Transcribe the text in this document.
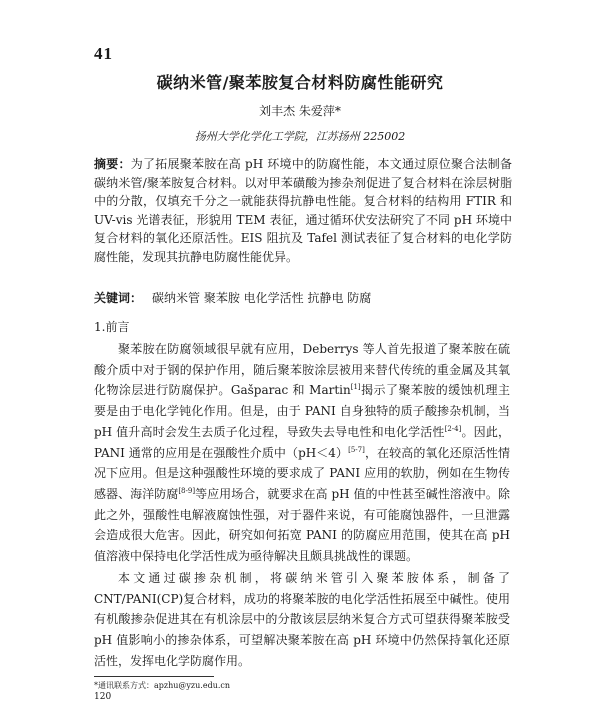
41
碳纳米管/聚苯胺复合材料防腐性能研究
刘丰杰 朱爱萍*
扬州大学化学化工学院，江苏扬州 225002

摘要：为了拓展聚苯胺在高 pH 环境中的防腐性能，本文通过原位聚合法制备碳纳米管/聚苯胺复合材料。以对甲苯磺酸为掺杂剂促进了复合材料在涂层树脂中的分散，仅填充千分之一就能获得抗静电性能。复合材料的结构用 FTIR 和 UV-vis 光谱表征，形貌用 TEM 表征，通过循环伏安法研究了不同 pH 环境中复合材料的氧化还原活性。EIS 阻抗及 Tafel 测试表征了复合材料的电化学防腐性能，发现其抗静电防腐性能优异。

关键词： 碳纳米管 聚苯胺 电化学活性 抗静电 防腐

1.前言

聚苯胺在防腐领域很早就有应用，Deberrys 等人首先报道了聚苯胺在硫酸介质中对于钢的保护作用，随后聚苯胺涂层被用来替代传统的重金属及其氧化物涂层进行防腐保护。Gašparac 和 Martin[1]揭示了聚苯胺的缓蚀机理主要是由于电化学钝化作用。但是，由于 PANI 自身独特的质子酸掺杂机制，当 pH 值升高时会发生去质子化过程，导致失去导电性和电化学活性[2-4]。因此，PANI 通常的应用是在强酸性介质中（pH＜4）[5-7]，在较高的氧化还原活性情况下应用。但是这种强酸性环境的要求成了 PANI 应用的软肋，例如在生物传感器、海洋防腐[8-9]等应用场合，就要求在高 pH 值的中性甚至碱性溶液中。除此之外，强酸性电解液腐蚀性强，对于器件来说，有可能腐蚀器件，一旦泄露会造成很大危害。因此，研究如何拓宽 PANI 的防腐应用范围，使其在高 pH 值溶液中保持电化学活性成为亟待解决且颇具挑战性的课题。

本文通过碳掺杂机制，将碳纳米管引入聚苯胺体系，制备了 CNT/PANI(CP)复合材料，成功的将聚苯胺的电化学活性拓展至中碱性。使用有机酸掺杂促进其在有机涂层中的分散该层层纳米复合方式可望获得聚苯胺受 pH 值影响小的掺杂体系，可望解决聚苯胺在高 pH 环境中仍然保持氧化还原活性，发挥电化学防腐作用。

*通讯联系方式：apzhu@yzu.edu.cn

120
